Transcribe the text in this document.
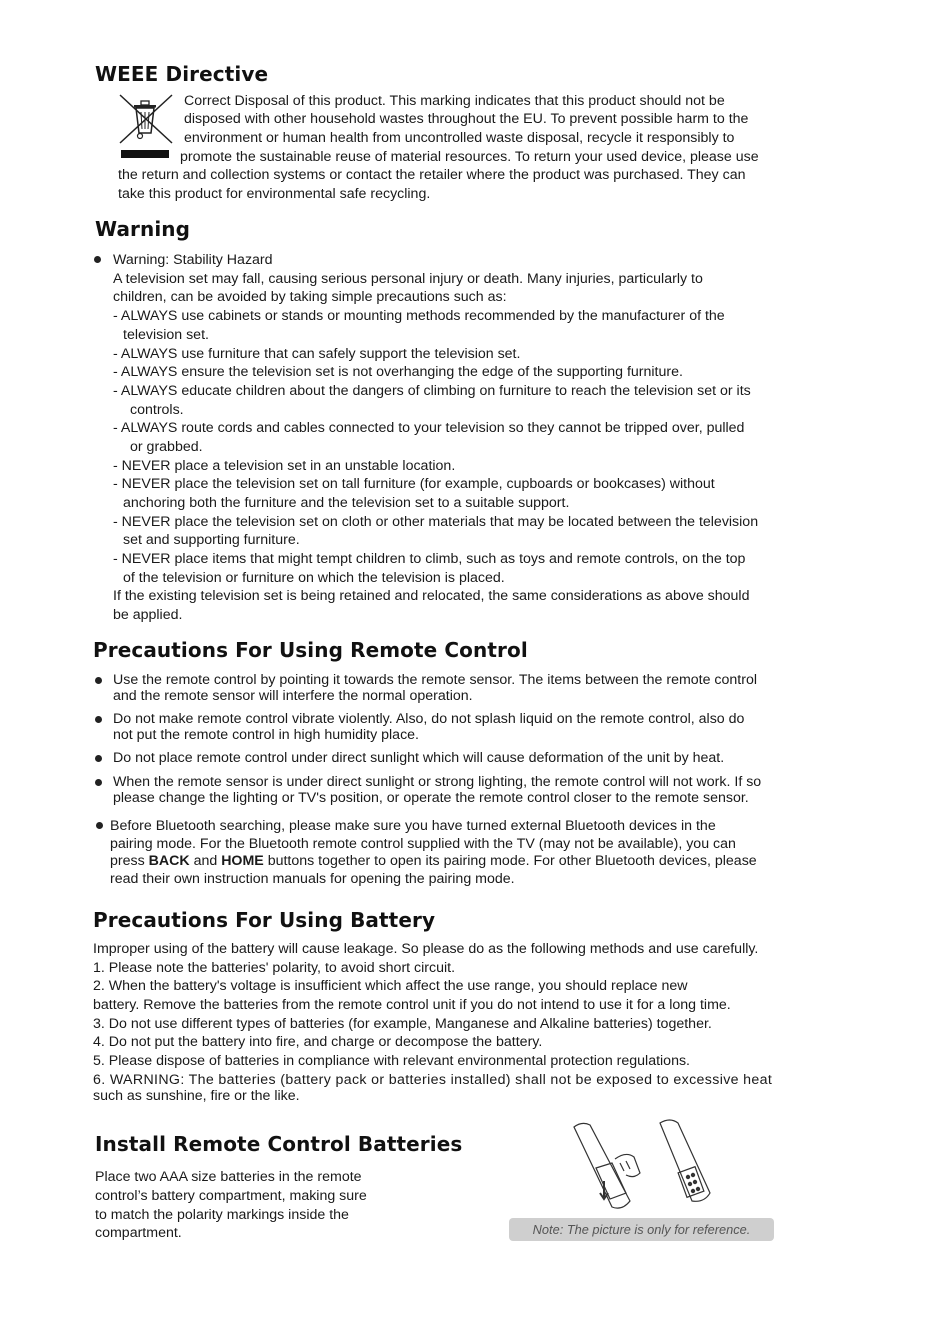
WEEE Directive

Correct Disposal of this product. This marking indicates that this product should not be

disposed with other household wastes throughout the EU. To prevent possible harm to the

environment or human health from uncontrolled waste disposal, recycle it responsibly to

promote the sustainable reuse of material resources. To return your used device, please use

the return and collection systems or contact the retailer where the product was purchased. They can

take this product for environmental safe recycling.

Warning

Warning: Stability Hazard

A television set may fall, causing serious personal injury or death. Many injuries, particularly to

children, can be avoided by taking simple precautions such as:

- ALWAYS use cabinets or stands or mounting methods recommended by the manufacturer of the

television set.

- ALWAYS use furniture that can safely support the television set.

- ALWAYS ensure the television set is not overhanging the edge of the supporting furniture.

- ALWAYS educate children about the dangers of climbing on furniture to reach the television set or its

controls.

- ALWAYS route cords and cables connected to your television so they cannot be tripped over, pulled

or grabbed.

- NEVER place a television set in an unstable location.

- NEVER place the television set on tall furniture (for example, cupboards or bookcases) without

anchoring both the furniture and the television set to a suitable support.

- NEVER place the television set on cloth or other materials that may be located between the television

set and supporting furniture.

- NEVER place items that might tempt children to climb, such as toys and remote controls, on the top

of the television or furniture on which the television is placed.

If the existing television set is being retained and relocated, the same considerations as above should

be applied.

Precautions For Using Remote Control

Use the remote control by pointing it towards the remote sensor. The items between the remote control

and the remote sensor will interfere the normal operation.

Do not make remote control vibrate violently. Also, do not splash liquid on the remote control, also do

not put the remote control in high humidity place.

Do not place remote control under direct sunlight which will cause deformation of the unit by heat.

When the remote sensor is under direct sunlight or strong lighting, the remote control will not work. If so

please change the lighting or TV's position, or operate the remote control closer to the remote sensor.

Before Bluetooth searching, please make sure you have turned external Bluetooth devices in the

pairing mode. For the Bluetooth remote control supplied with the TV (may not be available), you can

press BACK and HOME buttons together to open its pairing mode. For other Bluetooth devices, please

read their own instruction manuals for opening the pairing mode.

Precautions For Using Battery

Improper using of the battery will cause leakage. So please do as the following methods and use carefully.

1. Please note the batteries' polarity, to avoid short circuit.

2. When the battery's voltage is insufficient which affect the use range, you should replace new

battery. Remove the batteries from the remote control unit if you do not intend to use it for a long time.

3. Do not use different types of batteries (for example, Manganese and Alkaline batteries) together.

4. Do not put the battery into fire, and charge or decompose the battery.

5. Please dispose of batteries in compliance with relevant environmental protection regulations.

6. WARNING: The batteries (battery pack or batteries installed) shall not be exposed to excessive heat

such as sunshine, fire or the like.

Install Remote Control Batteries

Place two AAA size batteries in the remote

control’s battery compartment, making sure

to match the polarity markings inside the

compartment.	Note: The picture is only for reference.
